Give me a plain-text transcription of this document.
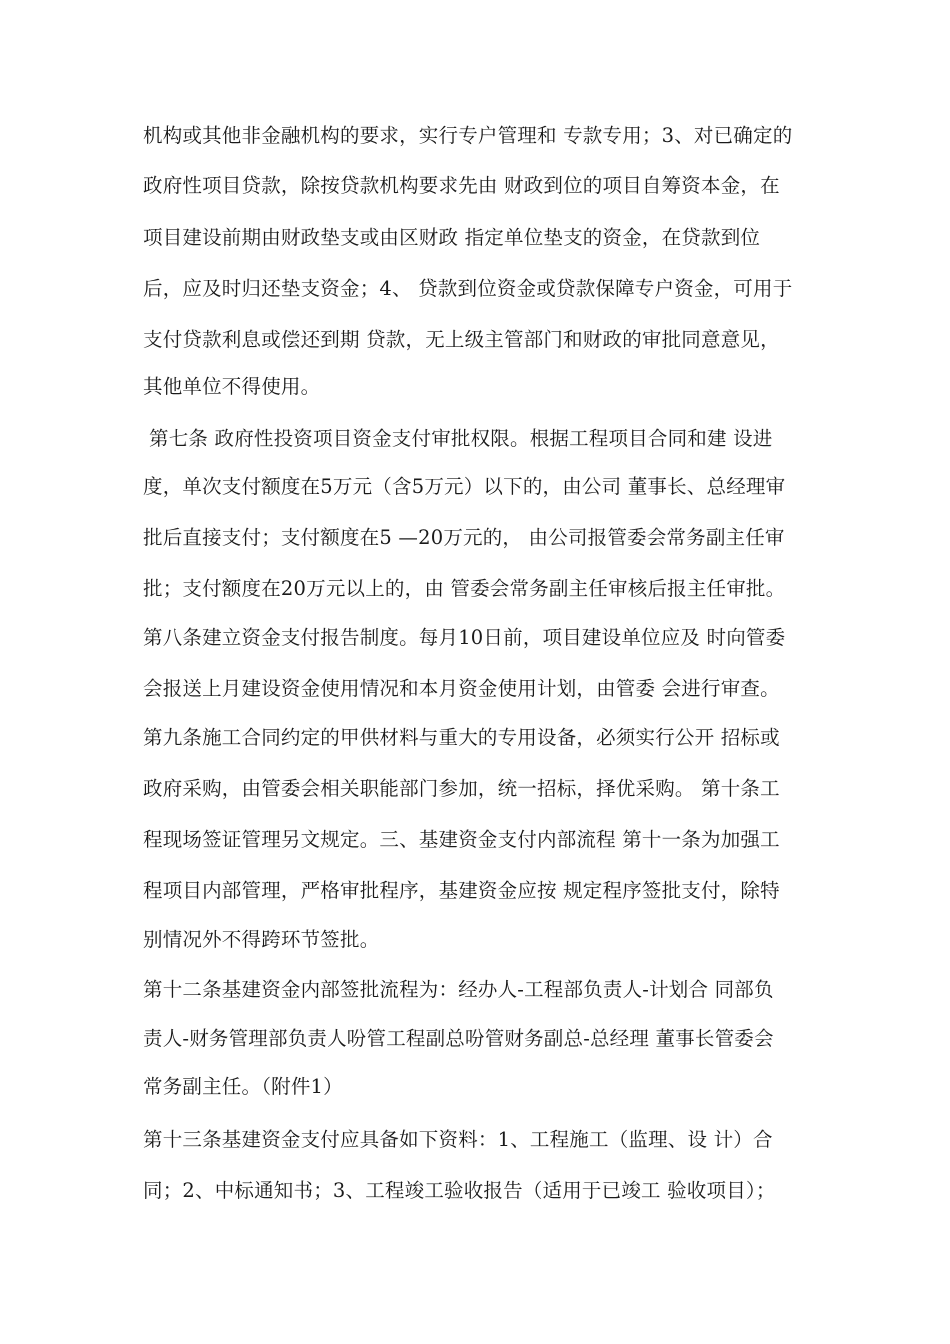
机构或其他非金融机构的要求，实行专户管理和 专款专用；3、对已确定的
政府性项目贷款，除按贷款机构要求先由 财政到位的项目自筹资本金，在
项目建设前期由财政垫支或由区财政 指定单位垫支的资金，在贷款到位
后，应及时归还垫支资金；4、 贷款到位资金或贷款保障专户资金，可用于
支付贷款利息或偿还到期 贷款，无上级主管部门和财政的审批同意意见，
其他单位不得使用。
第七条 政府性投资项目资金支付审批权限。根据工程项目合同和建 设进
度，单次支付额度在5万元（含5万元）以下的，由公司 董事长、总经理审
批后直接支付；支付额度在5 —20万元的， 由公司报管委会常务副主任审
批；支付额度在20万元以上的，由 管委会常务副主任审核后报主任审批。
第八条建立资金支付报告制度。每月10日前，项目建设单位应及 时向管委
会报送上月建设资金使用情况和本月资金使用计划，由管委 会进行审查。
第九条施工合同约定的甲供材料与重大的专用设备，必须实行公开 招标或
政府采购，由管委会相关职能部门参加，统一招标，择优采购。 第十条工
程现场签证管理另文规定。三、基建资金支付内部流程 第十一条为加强工
程项目内部管理，严格审批程序，基建资金应按 规定程序签批支付，除特
别情况外不得跨环节签批。
第十二条基建资金内部签批流程为：经办人-工程部负责人-计划合 同部负
责人-财务管理部负责人吩管工程副总吩管财务副总-总经理 董事长管委会
常务副主任。（附件1）
第十三条基建资金支付应具备如下资料：1、工程施工（监理、设 计）合
同；2、中标通知书；3、工程竣工验收报告（适用于已竣工 验收项目）；
